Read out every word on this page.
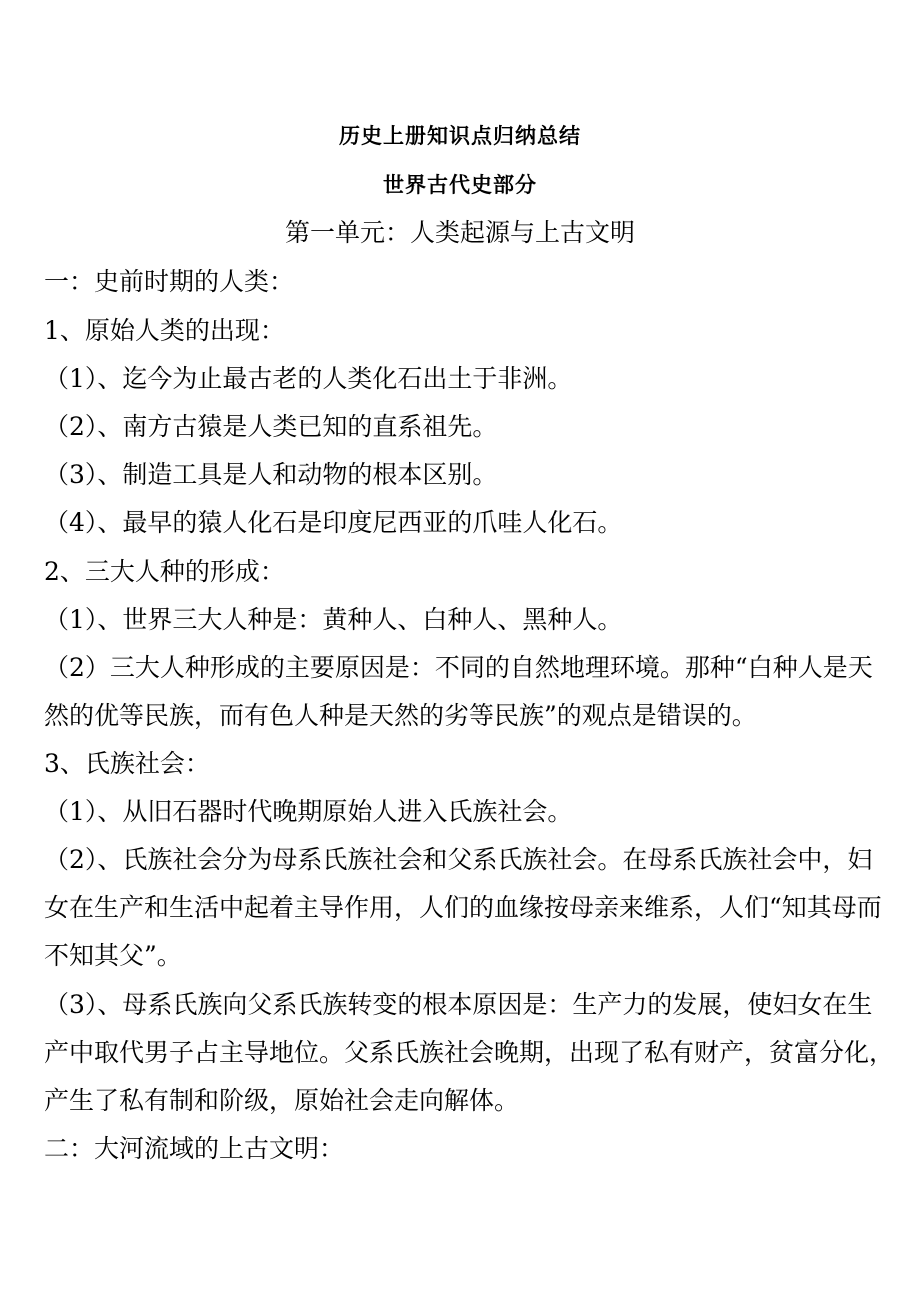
历史上册知识点归纳总结
世界古代史部分
第一单元：人类起源与上古文明
一：史前时期的人类：
1、原始人类的出现：
（1）、迄今为止最古老的人类化石出土于非洲。
（2）、南方古猿是人类已知的直系祖先。
（3）、制造工具是人和动物的根本区别。
（4）、最早的猿人化石是印度尼西亚的爪哇人化石。
2、三大人种的形成：
（1）、世界三大人种是：黄种人、白种人、黑种人。
（2）三大人种形成的主要原因是：不同的自然地理环境。那种“白种人是天
然的优等民族，而有色人种是天然的劣等民族”的观点是错误的。
3、氏族社会：
（1）、从旧石器时代晚期原始人进入氏族社会。
（2）、氏族社会分为母系氏族社会和父系氏族社会。在母系氏族社会中，妇
女在生产和生活中起着主导作用，人们的血缘按母亲来维系，人们“知其母而
不知其父”。
（3）、母系氏族向父系氏族转变的根本原因是：生产力的发展，使妇女在生
产中取代男子占主导地位。父系氏族社会晚期，出现了私有财产，贫富分化，
产生了私有制和阶级，原始社会走向解体。
二：大河流域的上古文明：
